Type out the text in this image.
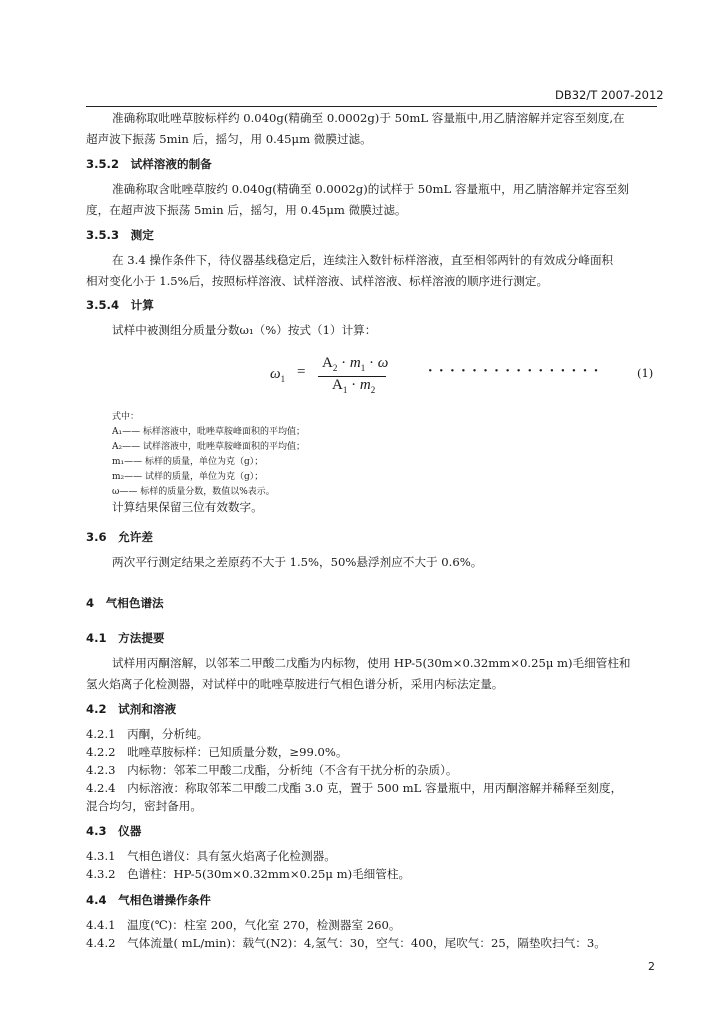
DB32/T 2007-2012
准确称取吡唑草胺标样约 0.040g(精确至 0.0002g)于 50mL 容量瓶中,用乙腈溶解并定容至刻度,在
超声波下振荡 5min 后，摇匀，用 0.45μm 微膜过滤。
3.5.2　试样溶液的制备
准确称取含吡唑草胺约 0.040g(精确至 0.0002g)的试样于 50mL 容量瓶中，用乙腈溶解并定容至刻
度，在超声波下振荡 5min 后，摇匀，用 0.45μm 微膜过滤。
3.5.3　测定
在 3.4 操作条件下，待仪器基线稳定后，连续注入数针标样溶液，直至相邻两针的有效成分峰面积
相对变化小于 1.5%后，按照标样溶液、试样溶液、试样溶液、标样溶液的顺序进行测定。
3.5.4　计算
试样中被测组分质量分数ω₁（%）按式（1）计算：
$\omega_1$ =
$A_2 \cdot m_1 \cdot \omega$
$A_1 \cdot m_2$
· · · · · · · · · · · · · · · ·	(1)
式中：
A₁—— 标样溶液中，吡唑草胺峰面积的平均值；
A₂—— 试样溶液中，吡唑草胺峰面积的平均值；
m₁—— 标样的质量，单位为克（g）；
m₂—— 试样的质量，单位为克（g）；
ω—— 标样的质量分数，数值以%表示。
计算结果保留三位有效数字。
3.6　允许差
两次平行测定结果之差原药不大于 1.5%，50%悬浮剂应不大于 0.6%。
4　气相色谱法
4.1　方法提要
试样用丙酮溶解，以邻苯二甲酸二戊酯为内标物，使用 HP-5(30m×0.32mm×0.25μ m)毛细管柱和
氢火焰离子化检测器，对试样中的吡唑草胺进行气相色谱分析，采用内标法定量。
4.2　试剂和溶液
4.2.1　丙酮，分析纯。
4.2.2　吡唑草胺标样：已知质量分数，≥99.0%。
4.2.3　内标物：邻苯二甲酸二戊酯，分析纯（不含有干扰分析的杂质）。
4.2.4　内标溶液：称取邻苯二甲酸二戊酯 3.0 克，置于 500 mL 容量瓶中，用丙酮溶解并稀释至刻度，
混合均匀，密封备用。
4.3　仪器
4.3.1　气相色谱仪：具有氢火焰离子化检测器。
4.3.2　色谱柱：HP-5(30m×0.32mm×0.25μ m)毛细管柱。
4.4　气相色谱操作条件
4.4.1　温度(℃)：柱室 200，气化室 270，检测器室 260。
4.4.2　气体流量( mL/min)：载气(N2)：4,氢气：30，空气：400，尾吹气：25，隔垫吹扫气：3。
2
